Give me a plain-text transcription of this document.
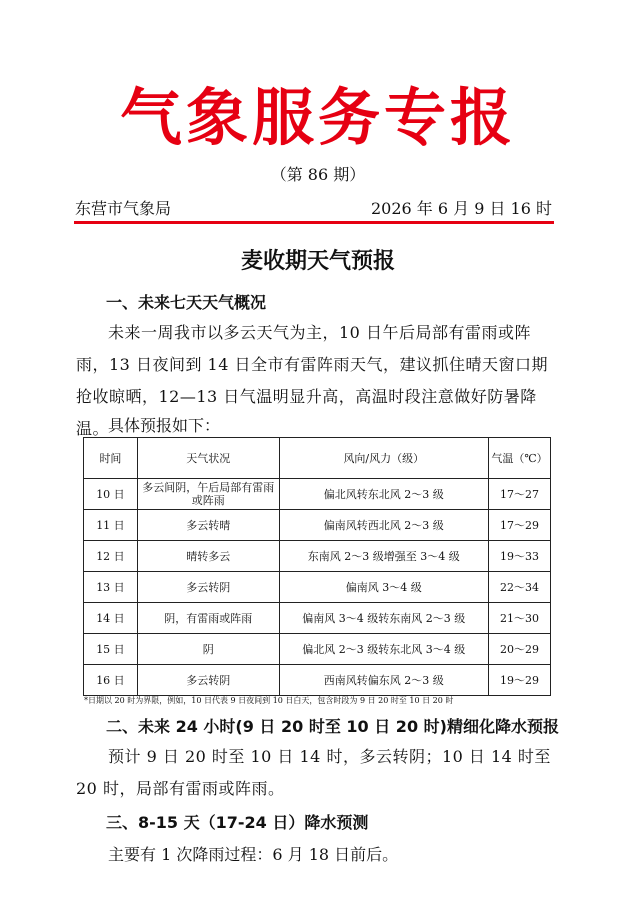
气象服务专报
（第 86 期）
东营市气象局	2026 年 6 月 9 日 16 时
麦收期天气预报
一、未来七天天气概况
未来一周我市以多云天气为主，10 日午后局部有雷雨或阵雨，13 日夜间到 14 日全市有雷阵雨天气，建议抓住晴天窗口期抢收晾晒，12—13 日气温明显升高，高温时段注意做好防暑降温。
具体预报如下：
时间	天气状况	风向/风力（级）	气温（℃）
10 日	多云间阴，午后局部有雷雨或阵雨	偏北风转东北风 2～3 级	17～27
11 日	多云转晴	偏南风转西北风 2～3 级	17～29
12 日	晴转多云	东南风 2～3 级增强至 3～4 级	19～33
13 日	多云转阴	偏南风 3～4 级	22～34
14 日	阴，有雷雨或阵雨	偏南风 3～4 级转东南风 2～3 级	21～30
15 日	阴	偏北风 2～3 级转东北风 3～4 级	20～29
16 日	多云转阴	西南风转偏东风 2～3 级	19～29
*日期以 20 时为界限，例如，10 日代表 9 日夜间到 10 日白天，包含时段为 9 日 20 时至 10 日 20 时
二、未来 24 小时(9 日 20 时至 10 日 20 时)精细化降水预报
预计 9 日 20 时至 10 日 14 时，多云转阴；10 日 14 时至 20 时，局部有雷雨或阵雨。
三、8-15 天（17-24 日）降水预测
主要有 1 次降雨过程：6 月 18 日前后。
